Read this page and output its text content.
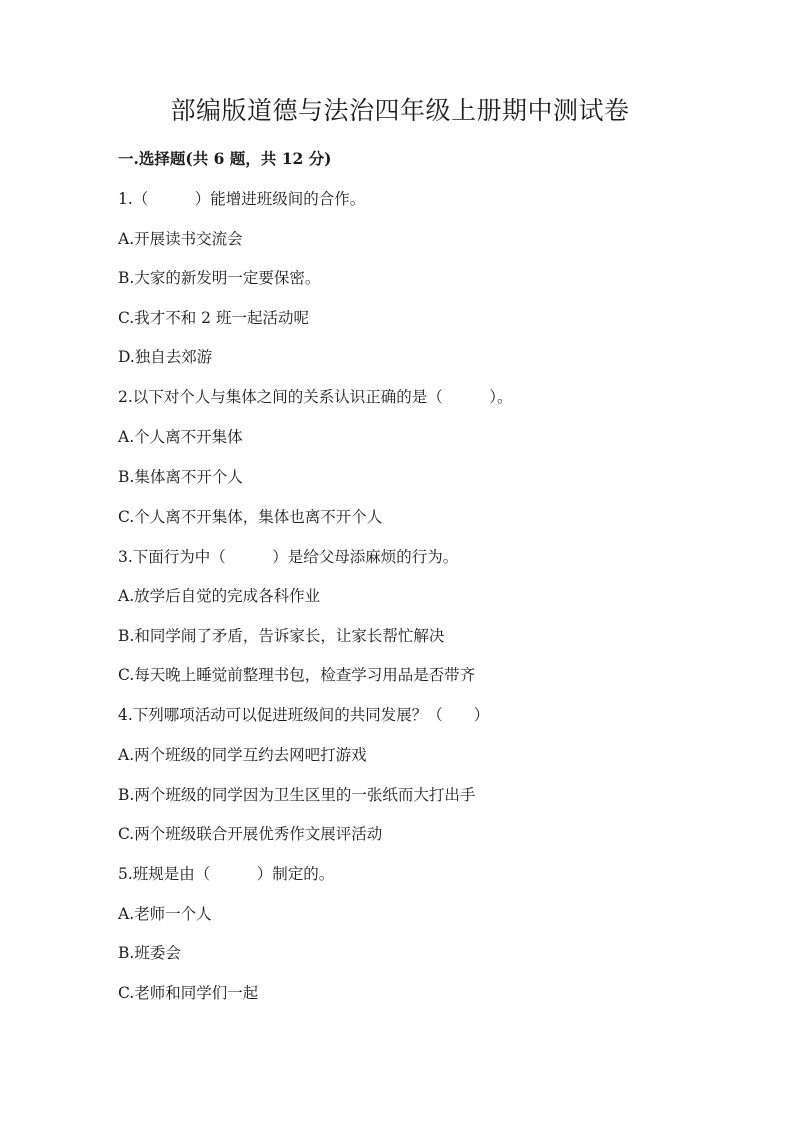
部编版道德与法治四年级上册期中测试卷
一.选择题(共 6 题，共 12 分)
1.（　　　）能增进班级间的合作。
A.开展读书交流会
B.大家的新发明一定要保密。
C.我才不和 2 班一起活动呢
D.独自去郊游
2.以下对个人与集体之间的关系认识正确的是（　　　）。
A.个人离不开集体
B.集体离不开个人
C.个人离不开集体，集体也离不开个人
3.下面行为中（　　　）是给父母添麻烦的行为。
A.放学后自觉的完成各科作业
B.和同学闹了矛盾，告诉家长，让家长帮忙解决
C.每天晚上睡觉前整理书包，检查学习用品是否带齐
4.下列哪项活动可以促进班级间的共同发展？（　　）
A.两个班级的同学互约去网吧打游戏
B.两个班级的同学因为卫生区里的一张纸而大打出手
C.两个班级联合开展优秀作文展评活动
5.班规是由（　　　）制定的。
A.老师一个人
B.班委会
C.老师和同学们一起
